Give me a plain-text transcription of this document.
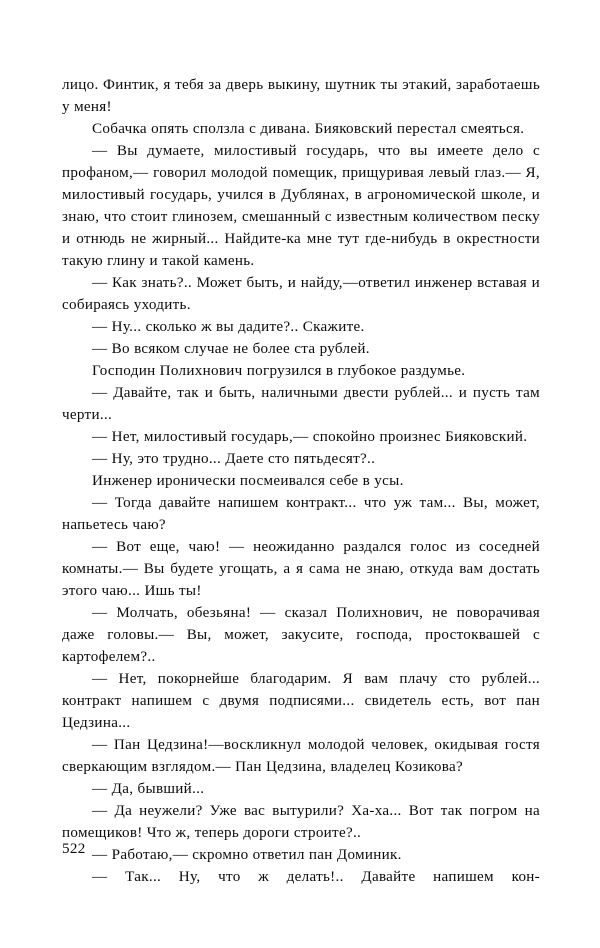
лицо. Финтик, я тебя за дверь выкину, шутник ты этакий, заработаешь у меня!

Собачка опять сползла с дивана. Бияковский перестал смеяться.

— Вы думаете, милостивый государь, что вы имеете дело с профаном,— говорил молодой помещик, прищуривая левый глаз.— Я, милостивый государь, учился в Дублянах, в агрономической школе, и знаю, что стоит глинозем, смешанный с известным количеством песку и отнюдь не жирный... Найдите-ка мне тут где-нибудь в окрестности такую глину и такой камень.

— Как знать?.. Может быть, и найду,—ответил инженер вставая и собираясь уходить.

— Ну... сколько ж вы дадите?.. Скажите.

— Во всяком случае не более ста рублей.

Господин Полихнович погрузился в глубокое раздумье.

— Давайте, так и быть, наличными двести рублей... и пусть там черти...

— Нет, милостивый государь,— спокойно произнес Бияковский.

— Ну, это трудно... Даете сто пятьдесят?..

Инженер иронически посмеивался себе в усы.

— Тогда давайте напишем контракт... что уж там... Вы, может, напьетесь чаю?

— Вот еще, чаю! — неожиданно раздался голос из соседней комнаты.— Вы будете угощать, а я сама не знаю, откуда вам достать этого чаю... Ишь ты!

— Молчать, обезьяна! — сказал Полихнович, не поворачивая даже головы.— Вы, может, закусите, господа, простоквашей с картофелем?..

— Нет, покорнейше благодарим. Я вам плачу сто рублей... контракт напишем с двумя подписями... свидетель есть, вот пан Цедзина...

— Пан Цедзина!—воскликнул молодой человек, окидывая гостя сверкающим взглядом.— Пан Цедзина, владелец Козикова?

— Да, бывший...

— Да неужели? Уже вас вытурили? Ха-ха... Вот так погром на помещиков! Что ж, теперь дороги строите?..

— Работаю,— скромно ответил пан Доминик.

— Так... Ну, что ж делать!.. Давайте напишем кон-

522
